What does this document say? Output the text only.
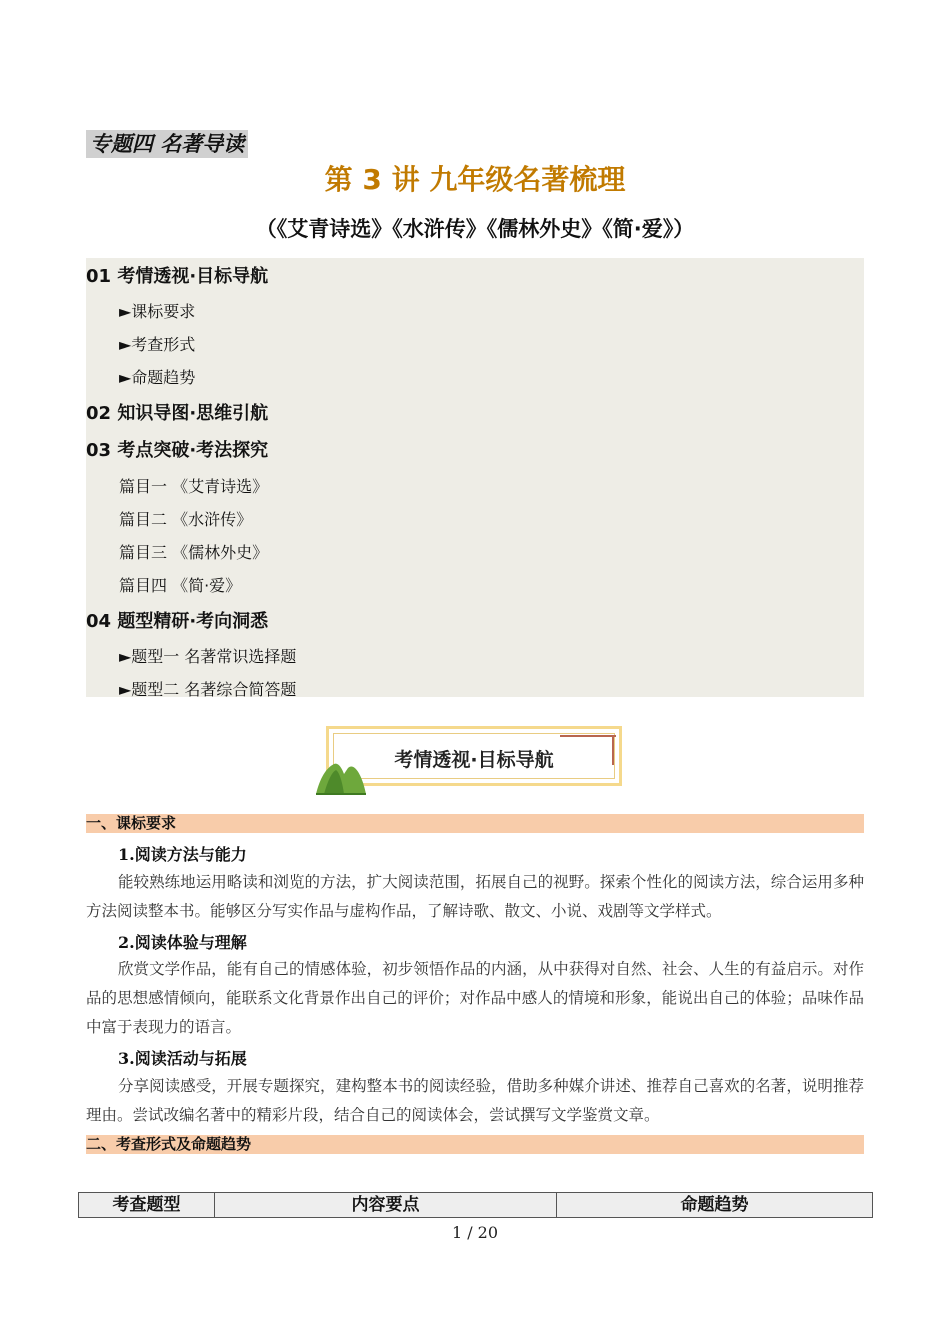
专题四 名著导读
第 3 讲 九年级名著梳理
（《艾青诗选》《水浒传》《儒林外史》《简·爱》）
01 考情透视·目标导航
►课标要求
►考查形式
►命题趋势
02 知识导图·思维引航
03 考点突破·考法探究
篇目一 《艾青诗选》
篇目二 《水浒传》
篇目三 《儒林外史》
篇目四 《简·爱》
04 题型精研·考向洞悉
►题型一 名著常识选择题
►题型二 名著综合简答题
考情透视·目标导航
一、课标要求
1.阅读方法与能力
能较熟练地运用略读和浏览的方法，扩大阅读范围，拓展自己的视野。探索个性化的阅读方法，综合运用多种方法阅读整本书。能够区分写实作品与虚构作品，了解诗歌、散文、小说、戏剧等文学样式。
2.阅读体验与理解
欣赏文学作品，能有自己的情感体验，初步领悟作品的内涵，从中获得对自然、社会、人生的有益启示。对作品的思想感情倾向，能联系文化背景作出自己的评价；对作品中感人的情境和形象，能说出自己的体验；品味作品中富于表现力的语言。
3.阅读活动与拓展
分享阅读感受，开展专题探究，建构整本书的阅读经验，借助多种媒介讲述、推荐自己喜欢的名著，说明推荐理由。尝试改编名著中的精彩片段，结合自己的阅读体会，尝试撰写文学鉴赏文章。
二、考查形式及命题趋势
考查题型	内容要点	命题趋势
1 / 20
